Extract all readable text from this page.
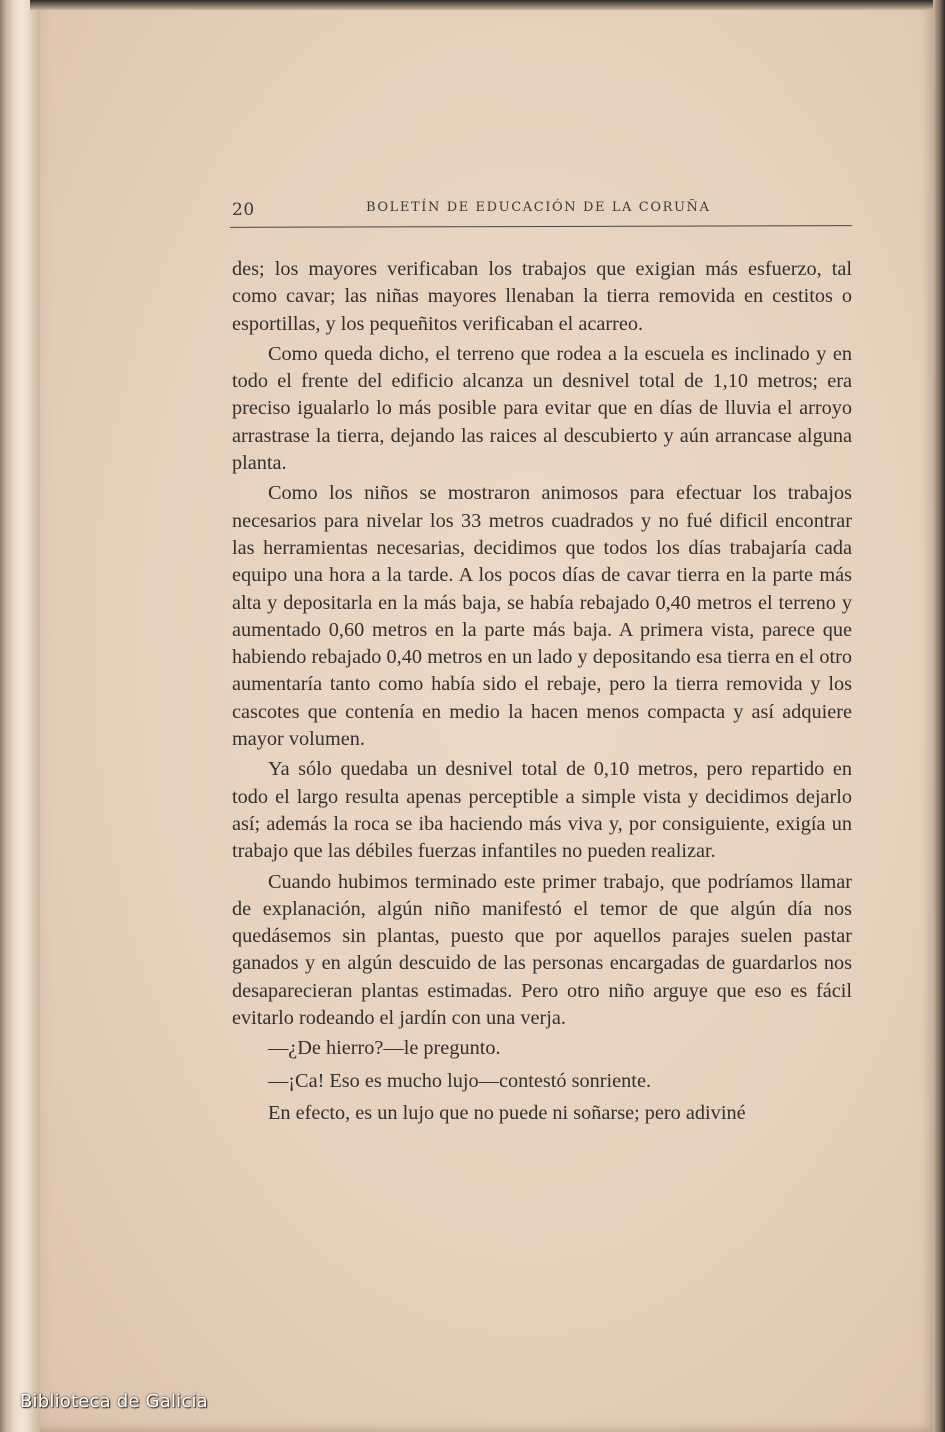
20	BOLETÍN DE EDUCACIÓN DE LA CORUÑA

des; los mayores verificaban los trabajos que exigian más esfuerzo, tal como cavar; las niñas mayores llenaban la tierra removida en cestitos o esportillas, y los pequeñitos verificaban el acarreo.

Como queda dicho, el terreno que rodea a la escuela es inclinado y en todo el frente del edificio alcanza un desnivel total de 1,10 metros; era preciso igualarlo lo más posible para evitar que en días de lluvia el arroyo arrastrase la tierra, dejando las raices al descubierto y aún arrancase alguna planta.

Como los niños se mostraron animosos para efectuar los trabajos necesarios para nivelar los 33 metros cuadrados y no fué dificil encontrar las herramientas necesarias, decidimos que todos los días trabajaría cada equipo una hora a la tarde. A los pocos días de cavar tierra en la parte más alta y depositarla en la más baja, se había rebajado 0,40 metros el terreno y aumentado 0,60 metros en la parte más baja. A primera vista, parece que habiendo rebajado 0,40 metros en un lado y depositando esa tierra en el otro aumentaría tanto como había sido el rebaje, pero la tierra removida y los cascotes que contenía en medio la hacen menos compacta y así adquiere mayor volumen.

Ya sólo quedaba un desnivel total de 0,10 metros, pero repartido en todo el largo resulta apenas perceptible a simple vista y decidimos dejarlo así; además la roca se iba haciendo más viva y, por consiguiente, exigía un trabajo que las débiles fuerzas infantiles no pueden realizar.

Cuando hubimos terminado este primer trabajo, que podríamos llamar de explanación, algún niño manifestó el temor de que algún día nos quedásemos sin plantas, puesto que por aquellos parajes suelen pastar ganados y en algún descuido de las personas encargadas de guardarlos nos desaparecieran plantas estimadas. Pero otro niño arguye que eso es fácil evitarlo rodeando el jardín con una verja.

—¿De hierro?—le pregunto.

—¡Ca! Eso es mucho lujo—contestó sonriente.

En efecto, es un lujo que no puede ni soñarse; pero adiviné

Biblioteca de Galicia
